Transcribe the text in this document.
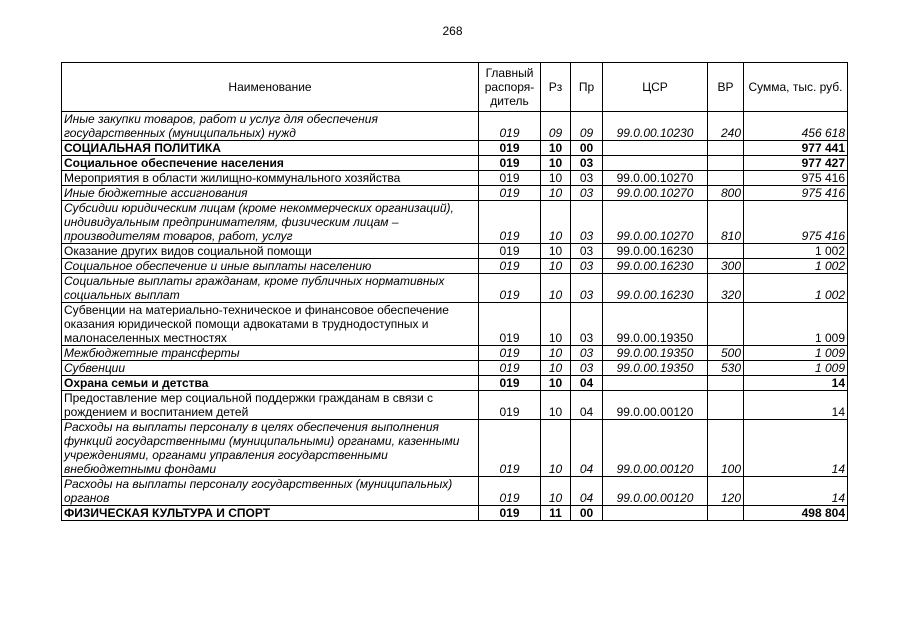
268
Наименование	Главный распоря-дитель	Рз	Пр	ЦСР	ВР	Сумма, тыс. руб.
Иные закупки товаров, работ и услуг для обеспечения государственных (муниципальных) нужд	019	09	09	99.0.00.10230	240	456 618
СОЦИАЛЬНАЯ ПОЛИТИКА	019	10	00			977 441
Социальное обеспечение населения	019	10	03			977 427
Мероприятия в области жилищно-коммунального хозяйства	019	10	03	99.0.00.10270		975 416
Иные бюджетные ассигнования	019	10	03	99.0.00.10270	800	975 416
Субсидии юридическим лицам (кроме некоммерческих организаций), индивидуальным предпринимателям, физическим лицам – производителям товаров, работ, услуг	019	10	03	99.0.00.10270	810	975 416
Оказание других видов социальной помощи	019	10	03	99.0.00.16230		1 002
Социальное обеспечение и иные выплаты населению	019	10	03	99.0.00.16230	300	1 002
Социальные выплаты гражданам, кроме публичных нормативных социальных выплат	019	10	03	99.0.00.16230	320	1 002
Субвенции на материально-техническое и финансовое обеспечение оказания юридической помощи адвокатами в труднодоступных и малонаселенных местностях	019	10	03	99.0.00.19350		1 009
Межбюджетные трансферты	019	10	03	99.0.00.19350	500	1 009
Субвенции	019	10	03	99.0.00.19350	530	1 009
Охрана семьи и детства	019	10	04			14
Предоставление мер социальной поддержки гражданам в связи с рождением и воспитанием детей	019	10	04	99.0.00.00120		14
Расходы на выплаты персоналу в целях обеспечения выполнения функций государственными (муниципальными) органами, казенными учреждениями, органами управления государственными внебюджетными фондами	019	10	04	99.0.00.00120	100	14
Расходы на выплаты персоналу государственных (муниципальных) органов	019	10	04	99.0.00.00120	120	14
ФИЗИЧЕСКАЯ КУЛЬТУРА И СПОРТ	019	11	00			498 804
